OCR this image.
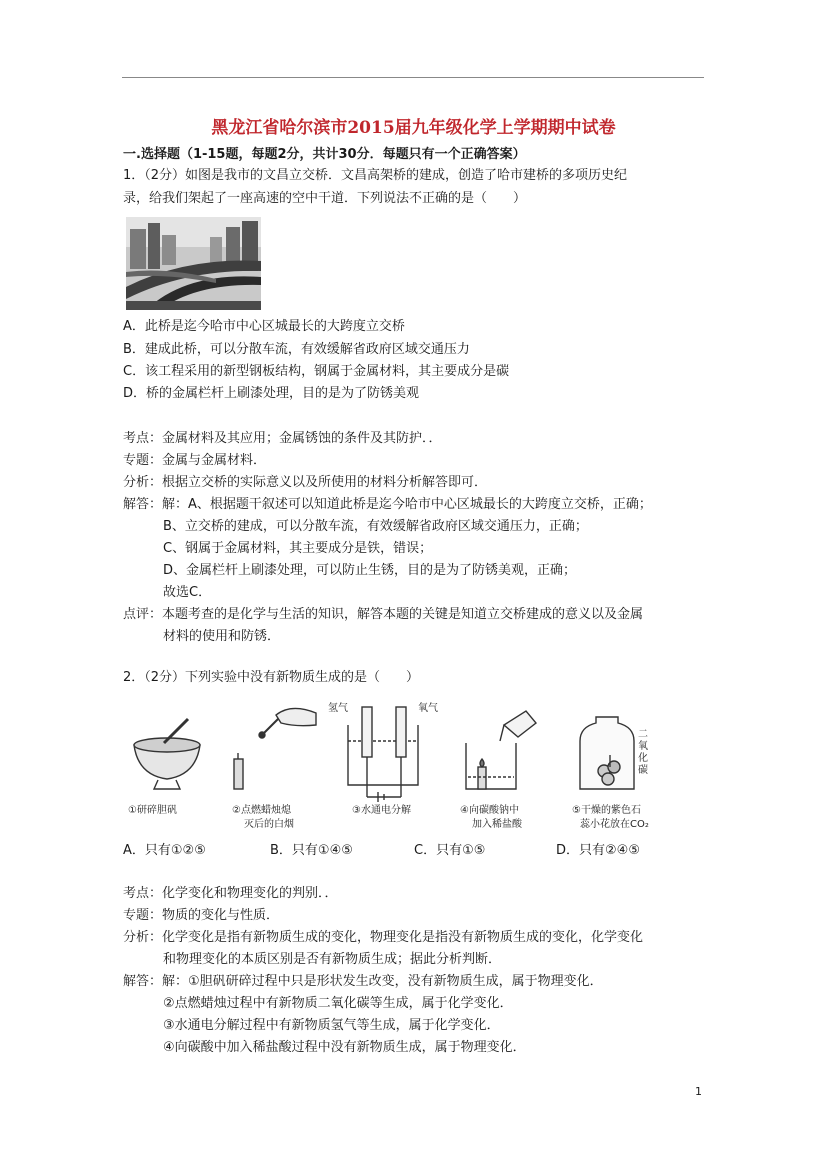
黑龙江省哈尔滨市2015届九年级化学上学期期中试卷
一.选择题（1-15题，每题2分，共计30分．每题只有一个正确答案）
1．（2分）如图是我市的文昌立交桥．文昌高架桥的建成，创造了哈市建桥的多项历史纪
录，给我们架起了一座高速的空中干道．下列说法不正确的是（　　）
A．此桥是迄今哈市中心区城最长的大跨度立交桥
B．建成此桥，可以分散车流，有效缓解省政府区域交通压力
C．该工程采用的新型钢板结构，钢属于金属材料，其主要成分是碳
D．桥的金属栏杆上刷漆处理，目的是为了防锈美观
考点：金属材料及其应用；金属锈蚀的条件及其防护．．
专题：金属与金属材料．
分析：根据立交桥的实际意义以及所使用的材料分析解答即可．
解答：解：A、根据题干叙述可以知道此桥是迄今哈市中心区城最长的大跨度立交桥，正确；
B、立交桥的建成，可以分散车流，有效缓解省政府区域交通压力，正确；
C、钢属于金属材料，其主要成分是铁，错误；
D、金属栏杆上刷漆处理，可以防止生锈，目的是为了防锈美观，正确；
故选C．
点评：本题考查的是化学与生活的知识，解答本题的关键是知道立交桥建成的意义以及金属
材料的使用和防锈．
2．（2分）下列实验中没有新物质生成的是（　　）
氢气	氧气
二
氧
化
碳
①研碎胆矾	②点燃蜡烛熄
灭后的白烟
③水通电分解	④向碳酸钠中
加入稀盐酸
⑤干燥的紫色石
蕊小花放在CO₂
A．只有①②⑤	B．只有①④⑤	C．只有①⑤	D．只有②④⑤
考点：化学变化和物理变化的判别．．
专题：物质的变化与性质．
分析：化学变化是指有新物质生成的变化，物理变化是指没有新物质生成的变化，化学变化
和物理变化的本质区别是否有新物质生成；据此分析判断．
解答：解：①胆矾研碎过程中只是形状发生改变，没有新物质生成，属于物理变化．
②点燃蜡烛过程中有新物质二氧化碳等生成，属于化学变化．
③水通电分解过程中有新物质氢气等生成，属于化学变化．
④向碳酸中加入稀盐酸过程中没有新物质生成，属于物理变化．
1
